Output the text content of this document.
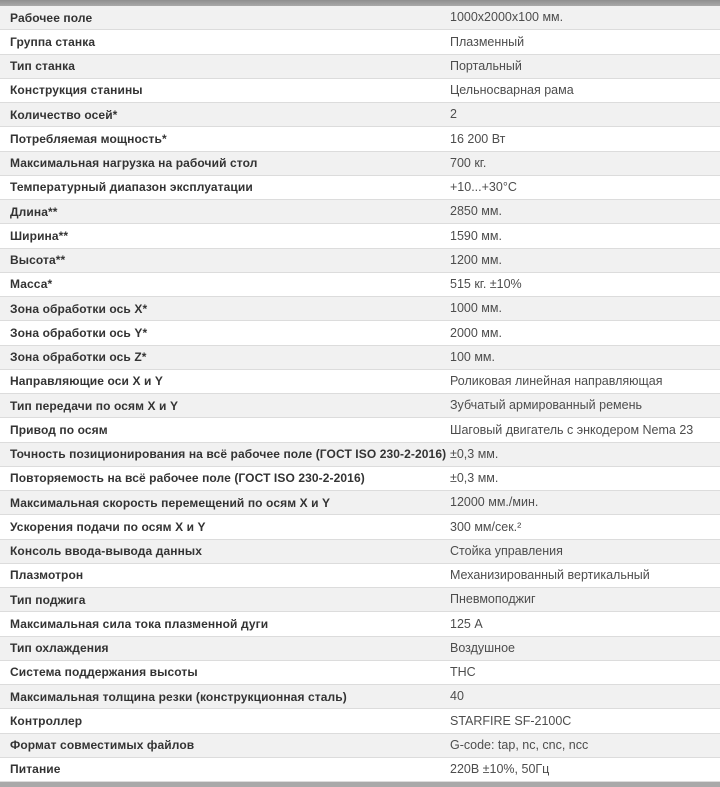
Рабочее поле	1000х2000х100 мм.
Группа станка	Плазменный
Тип станка	Портальный
Конструкция станины	Цельносварная рама
Количество осей*	2
Потребляемая мощность*	16 200 Вт
Максимальная нагрузка на рабочий стол	700 кг.
Температурный диапазон эксплуатации	+10...+30°C
Длина**	2850 мм.
Ширина**	1590 мм.
Высота**	1200 мм.
Масса*	515 кг. ±10%
Зона обработки ось X*	1000 мм.
Зона обработки ось Y*	2000 мм.
Зона обработки ось Z*	100 мм.
Направляющие оси X и Y	Роликовая линейная направляющая
Тип передачи по осям X и Y	Зубчатый армированный ремень
Привод по осям	Шаговый двигатель с энкодером Nema 23
Точность позиционирования на всё рабочее поле (ГОСТ ISO 230-2-2016) ±0,3 мм.
Повторяемость на всё рабочее поле (ГОСТ ISO 230-2-2016)	±0,3 мм.
Максимальная скорость перемещений по осям X и Y	12000 мм./мин.
Ускорения подачи по осям X и Y	300 мм/сек.²
Консоль ввода-вывода данных	Стойка управления
Плазмотрон	Механизированный вертикальный
Тип поджига	Пневмоподжиг
Максимальная сила тока плазменной дуги	125 А
Тип охлаждения	Воздушное
Система поддержания высоты	THC
Максимальная толщина резки (конструкционная сталь)	40
Контроллер	STARFIRE SF-2100C
Формат совместимых файлов	G-code: tap, nc, cnc, ncc
Питание	220В ±10%, 50Гц
